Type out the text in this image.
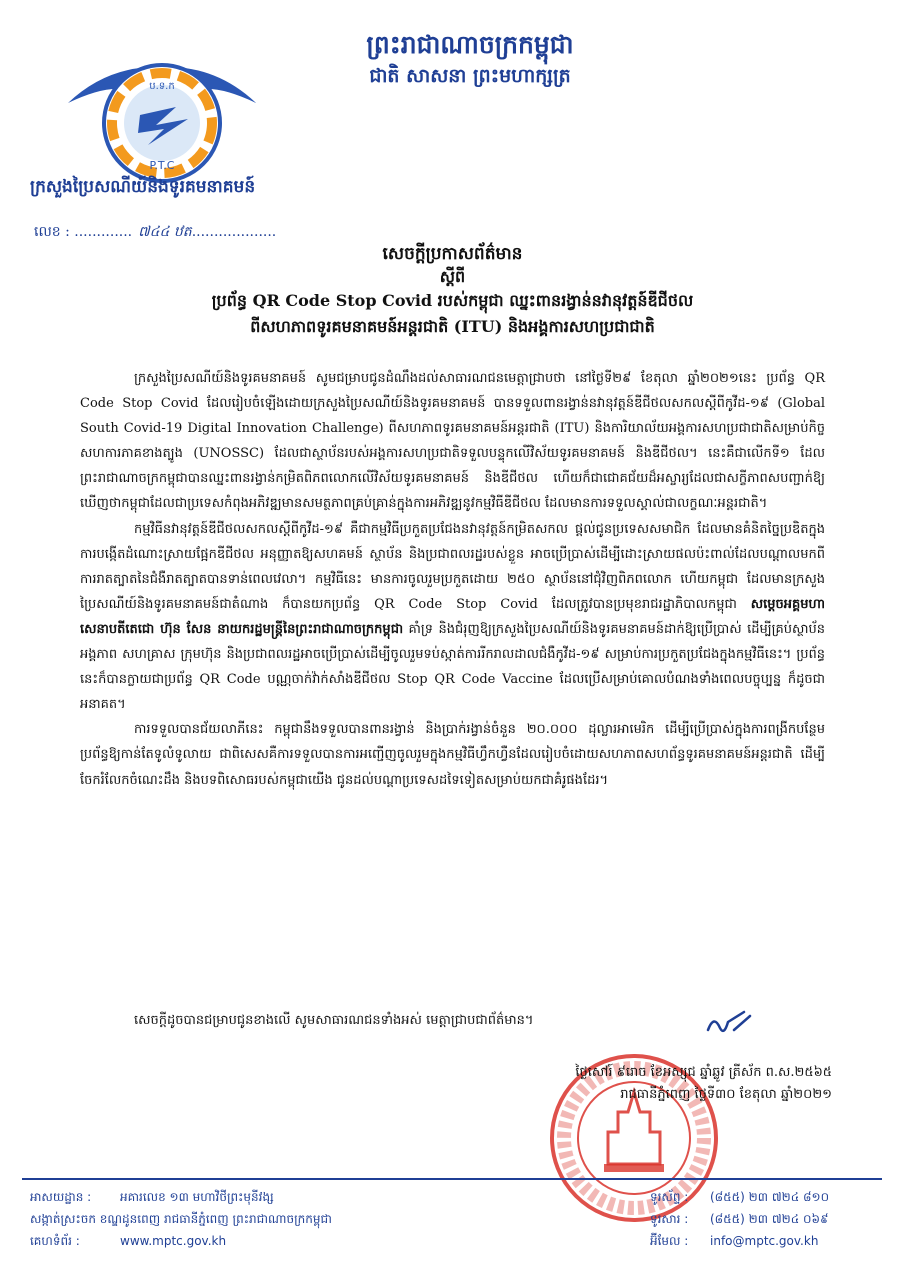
ព្រះរាជាណាចក្រកម្ពុជា
ជាតិ សាសនា ព្រះមហាក្សត្រ
ប.ទ.ក
P.T.C
ក្រសួងប្រៃសណីយ៍និងទូរគមនាគមន៍
លេខ : ............. ៧៤៤ ឋត...................
សេចក្តីប្រកាសព័ត៌មាន
ស្តីពី
ប្រព័ន្ធ QR Code Stop Covid របស់កម្ពុជា ឈ្នះពានរង្វាន់នវានុវត្តន៍ឌីជីថល
ពីសហភាពទូរគមនាគមន៍អន្តរជាតិ (ITU) និងអង្គការសហប្រជាជាតិ

ក្រសួងប្រៃសណីយ៍និងទូរគមនាគមន៍ សូមជម្រាបជូនដំណឹងដល់សាធារណជនមេត្តាជ្រាបថា នៅថ្ងៃទី២៩ ខែតុលា ឆ្នាំ២០២១នេះ ប្រព័ន្ធ QR Code Stop Covid ដែលរៀបចំឡើងដោយក្រសួងប្រៃសណីយ៍និងទូរគមនាគមន៍ បានទទួលពានរង្វាន់នវានុវត្តន៍ឌីជីថលសកលស្តីពីកូវីដ-១៩ (Global South Covid-19 Digital Innovation Challenge) ពីសហភាពទូរគមនាគមន៍អន្តរជាតិ (ITU) និងការិយាល័យអង្គការសហប្រជាជាតិសម្រាប់កិច្ចសហការភាគខាងត្បូង (UNOSSC) ដែលជាស្ថាប័នរបស់អង្គការសហប្រជាតិទទួលបន្ទុកលើវិស័យទូរគមនាគមន៍ និងឌីជីថល។ នេះគឺជាលើកទី១ ដែលព្រះរាជាណាចក្រកម្ពុជាបានឈ្នះពានរង្វាន់កម្រិតពិភពលោកលើវិស័យទូរគមនាគមន៍ និងឌីជីថល ហើយក៏ជាជោគជ័យដ៏អស្ចារ្យដែលជាសក្ខីភាពសបញ្ជាក់ឱ្យឃើញថាកម្ពុជាដែលជាប្រទេសកំពុងអភិវឌ្ឍមានសមត្ថភាពគ្រប់គ្រាន់ក្នុងការអភិវឌ្ឍនូវកម្មវិធីឌីជីថល ដែលមានការទទួលស្គាល់ជាលក្ខណៈអន្តរជាតិ។

កម្មវិធីនវានុវត្តន៍ឌីជីថលសកលស្តីពីកូវីដ-១៩ គឺជាកម្មវិធីប្រកួតប្រជែងនវានុវត្តន៍កម្រិតសកល ផ្តល់ជូនប្រទេសសមាជិក ដែលមានគំនិតច្នៃប្រឌិតក្នុងការបង្កើតដំណោះស្រាយផ្អែកឌីជីថល អនុញ្ញាតឱ្យសហគមន៍ ស្ថាប័ន និងប្រជាពលរដ្ឋរបស់ខ្លួន អាចប្រើប្រាស់ដើម្បីដោះស្រាយផលប៉ះពាល់ដែលបណ្តាលមកពីការរាតត្បាតនៃជំងឺរាតត្បាតបានទាន់ពេលវេលា។ កម្មវិធីនេះ មានការចូលរួមប្រកួតដោយ ២៥០ ស្ថាប័ននៅជុំវិញពិភពលោក ហើយកម្ពុជា ដែលមានក្រសួងប្រៃសណីយ៍និងទូរគមនាគមន៍ជាតំណាង ក៏បានយកប្រព័ន្ធ QR Code Stop Covid ដែលត្រូវបានប្រមុខរាជរដ្ឋាភិបាលកម្ពុជា សម្តេចអគ្គមហាសេនាបតីតេជោ ហ៊ុន សែន នាយករដ្ឋមន្ត្រីនៃព្រះរាជាណាចក្រកម្ពុជា គាំទ្រ និងជំរុញឱ្យក្រសួងប្រៃសណីយ៍និងទូរគមនាគមន៍ដាក់ឱ្យប្រើប្រាស់ ដើម្បីគ្រប់ស្ថាប័ន អង្គភាព សហគ្រាស ក្រុមហ៊ុន និងប្រជាពលរដ្ឋអាចប្រើប្រាស់ដើម្បីចូលរួមទប់ស្កាត់ការរីករាលដាលជំងឺកូវីដ-១៩ សម្រាប់ការប្រកួតប្រជែងក្នុងកម្មវិធីនេះ។ ប្រព័ន្ធនេះក៏បានក្លាយជាប្រព័ន្ធ QR Code បណ្ណចាក់វ៉ាក់សាំងឌីជីថល Stop QR Code Vaccine ដែលប្រើសម្រាប់គោលបំណងទាំងពេលបច្ចុប្បន្ន ក៏ដូចជាអនាគត។

ការទទួលបានជ័យលាភីនេះ កម្ពុជានឹងទទួលបានពានរង្វាន់ និងប្រាក់រង្វាន់ចំនួន ២០.០០០ ដុល្លារអាមេរិក ដើម្បីប្រើប្រាស់ក្នុងការពង្រីកបន្ថែមប្រព័ន្ធឱ្យកាន់តែទូលំទូលាយ ជាពិសេសគឺការទទួលបានការអញ្ជើញចូលរួមក្នុងកម្មវិធីហ្វឹកហ្វឺនដែលរៀបចំដោយសហភាពសហព័ន្ធទូរគមនាគមន៍អន្តរជាតិ ដើម្បីចែករំលែកចំណេះដឹង និងបទពិសោធរបស់កម្ពុជាយើង ជូនដល់បណ្តាប្រទេសដទៃទៀតសម្រាប់យកជាគំរូផងដែរ។

សេចក្តីដូចបានជម្រាបជូនខាងលើ សូមសាធារណជនទាំងអស់ មេត្តាជ្រាបជាព័ត៌មាន។
ថ្ងៃសៅរ៍ ៩រោច ខែអស្សុជ ឆ្នាំឆ្លូវ ត្រីស័ក ព.ស.២៥៦៥
រាជធានីភ្នំពេញ ថ្ងៃទី៣០ ខែតុលា ឆ្នាំ២០២១
អាសយដ្ឋាន : អគារលេខ ១៣ មហាវិថីព្រះមុនីវង្ស
សង្កាត់ស្រះចក ខណ្ឌដូនពេញ រាជធានីភ្នំពេញ ព្រះរាជាណាចក្រកម្ពុជា
គេហទំព័រ :	www.mptc.gov.kh
ទូរស័ព្ទ : (៨៥៥) ២៣ ៧២៤ ៨១០
ទូរសារ : (៨៥៥) ២៣ ៧២៤ ០៦៩
អ៊ីមែល : info@mptc.gov.kh
